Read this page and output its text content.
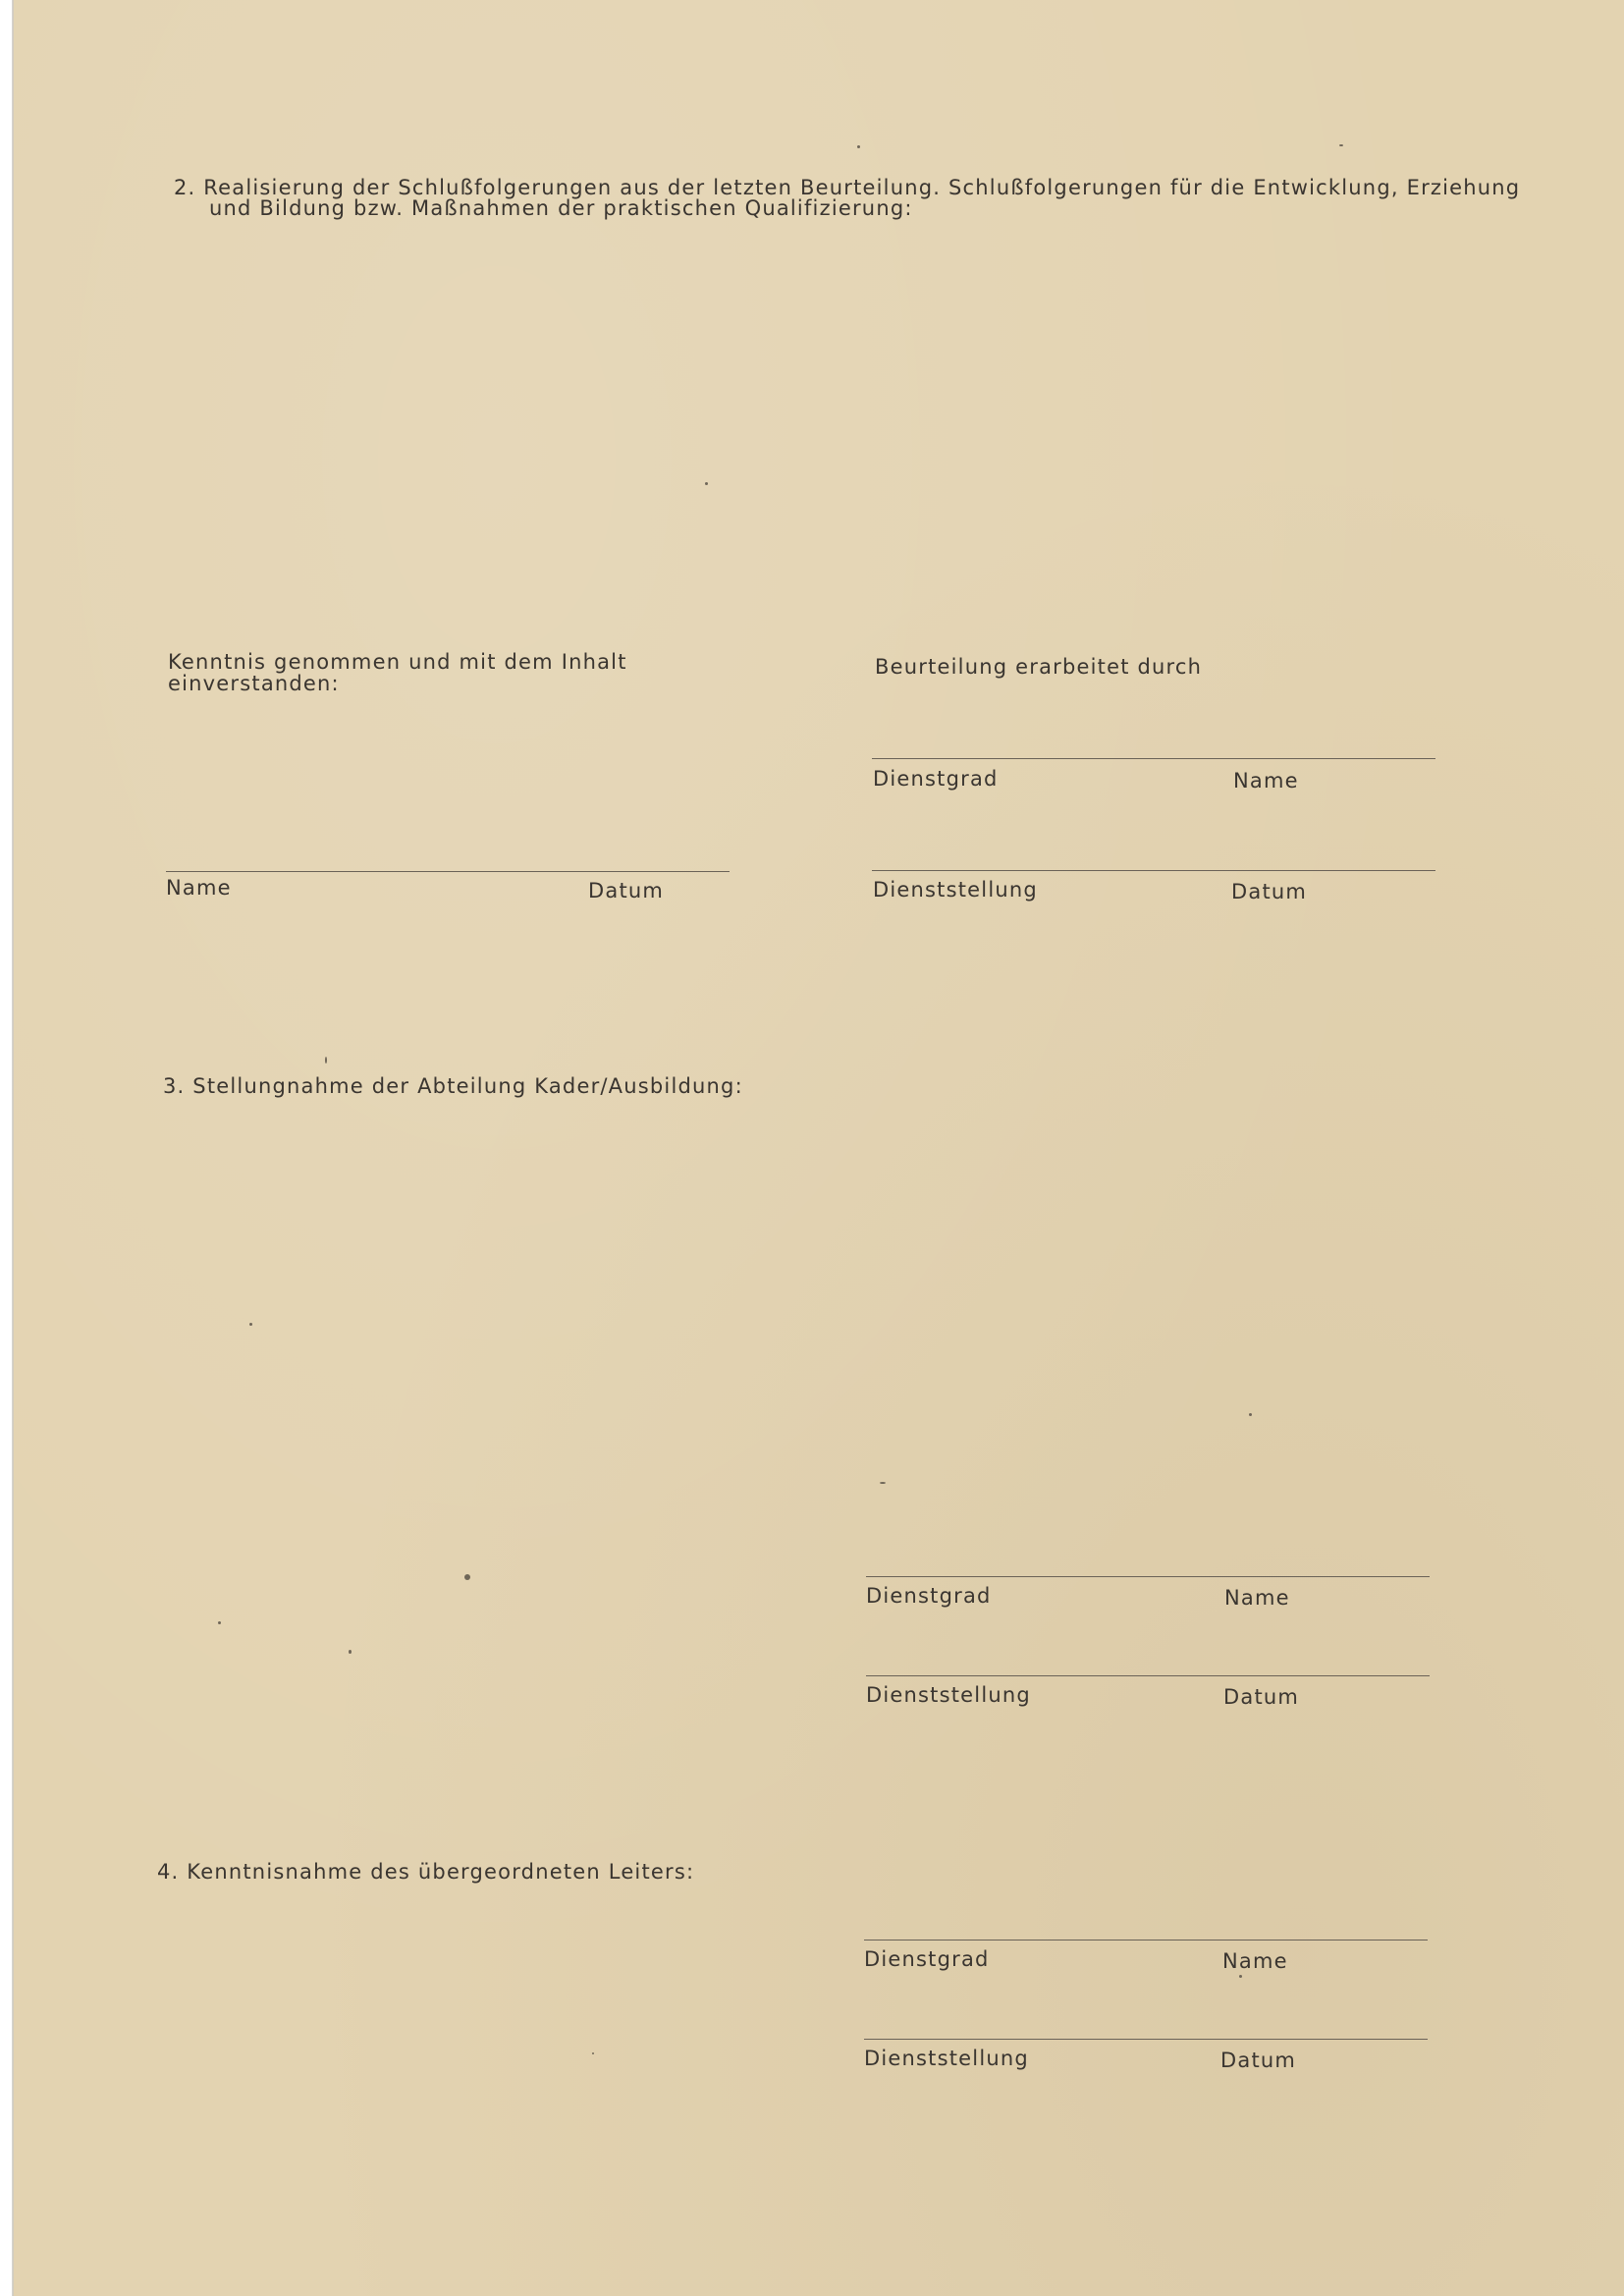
2. Realisierung der Schlußfolgerungen aus der letzten Beurteilung. Schlußfolgerungen für die Entwicklung, Erziehung
und Bildung bzw. Maßnahmen der praktischen Qualifizierung:
Kenntnis genommen und mit dem Inhalt
einverstanden:
Name	Datum
Beurteilung erarbeitet durch
Dienstgrad	Name
Dienststellung	Datum
3. Stellungnahme der Abteilung Kader/Ausbildung:
Dienstgrad	Name
Dienststellung	Datum
4. Kenntnisnahme des übergeordneten Leiters:
Dienstgrad	Name
Dienststellung	Datum
